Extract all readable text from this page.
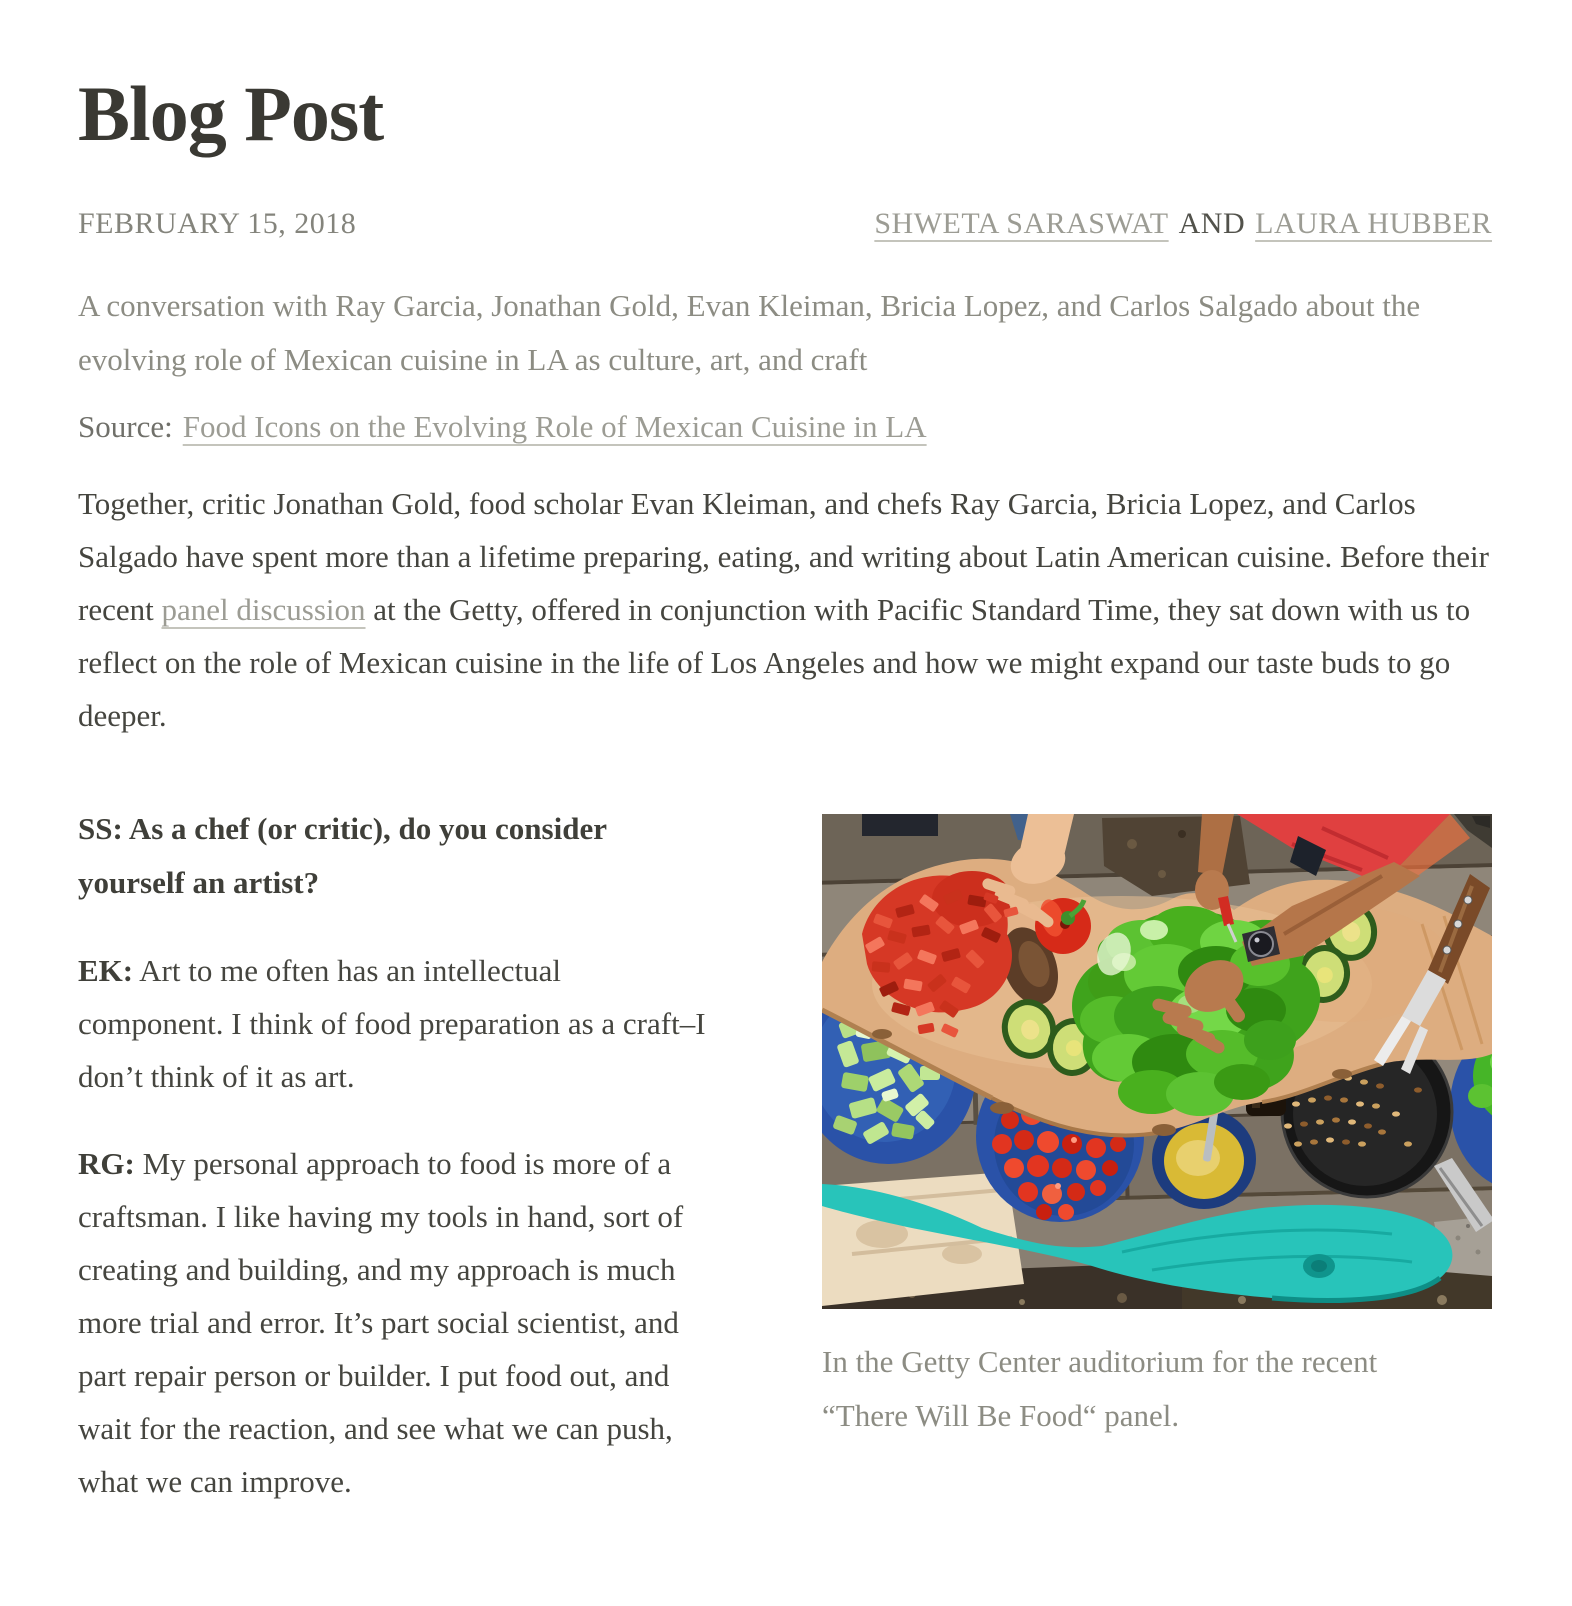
Blog Post
FEBRUARY 15, 2018	SHWETA SARASWAT AND LAURA HUBBER

A conversation with Ray Garcia, Jonathan Gold, Evan Kleiman, Bricia Lopez, and Carlos Salgado about the evolving role of Mexican cuisine in LA as culture, art, and craft

Source: Food Icons on the Evolving Role of Mexican Cuisine in LA

Together, critic Jonathan Gold, food scholar Evan Kleiman, and chefs Ray Garcia, Bricia Lopez, and Carlos Salgado have spent more than a lifetime preparing, eating, and writing about Latin American cuisine. Before their recent panel discussion at the Getty, offered in conjunction with Pacific Standard Time, they sat down with us to reflect on the role of Mexican cuisine in the life of Los Angeles and how we might expand our taste buds to go deeper.

SS: As a chef (or critic), do you consider yourself an artist?

EK: Art to me often has an intellectual component. I think of food preparation as a craft–I don’t think of it as art.

RG: My personal approach to food is more of a craftsman. I like having my tools in hand, sort of creating and building, and my approach is much more trial and error. It’s part social scientist, and part repair person or builder. I put food out, and wait for the reaction, and see what we can push, what we can improve.

In the Getty Center auditorium for the recent “There Will Be Food“ panel.
